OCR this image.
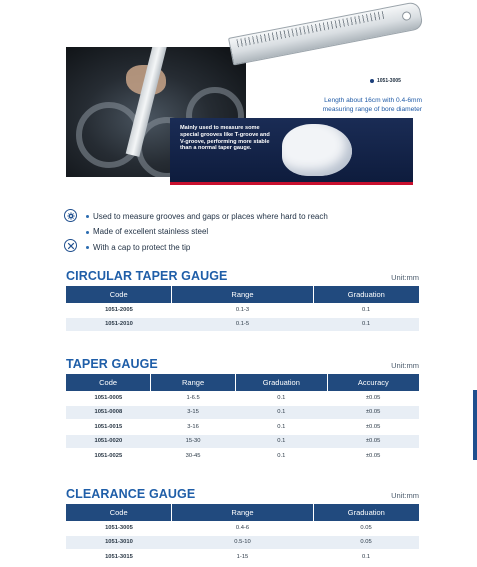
Mainly used to measure some special grooves like T-groove and V-groove, performing more stable than a normal taper gauge.
1051-3005
Length about 16cm with 0.4-6mm measuring range of bore diameter
Used to measure grooves and gaps or places where hard to reach
Made of excellent stainless steel
With a cap to protect the tip
CIRCULAR TAPER GAUGE	Unit:mm
Code	Range	Graduation
1051-2005	0.1-3	0.1
1051-2010	0.1-5	0.1
TAPER GAUGE	Unit:mm
Code	Range	Graduation	Accuracy
1051-0005	1-6.5	0.1	±0.05
1051-0008	3-15	0.1	±0.05
1051-0015	3-16	0.1	±0.05
1051-0020	15-30	0.1	±0.05
1051-0025	30-45	0.1	±0.05
CLEARANCE GAUGE	Unit:mm
Code	Range	Graduation
1051-3005	0.4-6	0.05
1051-3010	0.5-10	0.05
1051-3015	1-15	0.1
